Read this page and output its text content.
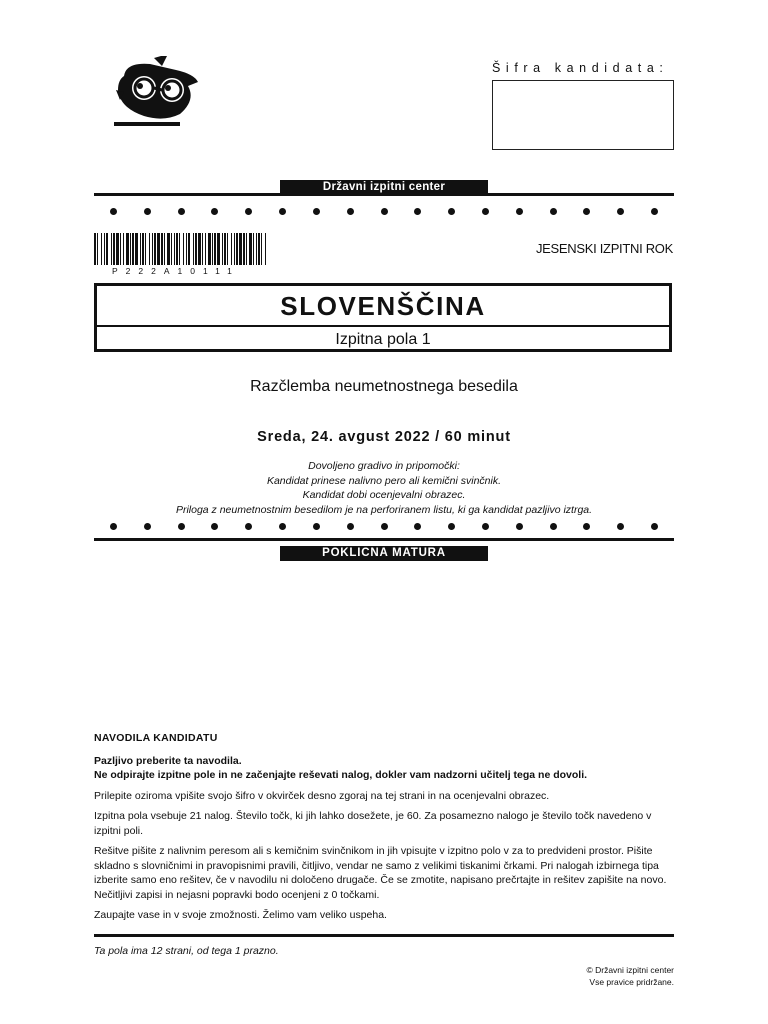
Šifra kandidata:
Državni izpitni center
P222A10111
JESENSKI IZPITNI ROK
SLOVENŠČINA
Izpitna pola 1
Razčlemba neumetnostnega besedila
Sreda, 24. avgust 2022 / 60 minut
Dovoljeno gradivo in pripomočki:
Kandidat prinese nalivno pero ali kemični svinčnik.
Kandidat dobi ocenjevalni obrazec.
Priloga z neumetnostnim besedilom je na perforiranem listu, ki ga kandidat pazljivo iztrga.
POKLICNA MATURA
NAVODILA KANDIDATU
Pazljivo preberite ta navodila.
Ne odpirajte izpitne pole in ne začenjajte reševati nalog, dokler vam nadzorni učitelj tega ne dovoli.
Prilepite oziroma vpišite svojo šifro v okvirček desno zgoraj na tej strani in na ocenjevalni obrazec.
Izpitna pola vsebuje 21 nalog. Število točk, ki jih lahko dosežete, je 60. Za posamezno nalogo je število točk navedeno v izpitni poli.
Rešitve pišite z nalivnim peresom ali s kemičnim svinčnikom in jih vpisujte v izpitno polo v za to predvideni prostor. Pišite skladno s slovničnimi in pravopisnimi pravili, čitljivo, vendar ne samo z velikimi tiskanimi črkami. Pri nalogah izbirnega tipa izberite samo eno rešitev, če v navodilu ni določeno drugače. Če se zmotite, napisano prečrtajte in rešitev zapišite na novo. Nečitljivi zapisi in nejasni popravki bodo ocenjeni z 0 točkami.
Zaupajte vase in v svoje zmožnosti. Želimo vam veliko uspeha.
Ta pola ima 12 strani, od tega 1 prazno.
© Državni izpitni center
Vse pravice pridržane.
